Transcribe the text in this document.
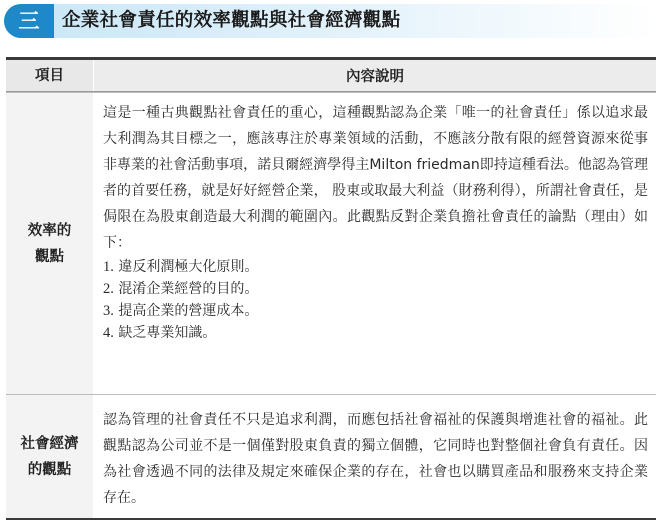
三	企業社會責任的效率觀點與社會經濟觀點
項目	內容說明
效率的
觀點

這是一種古典觀點社會責任的重心，這種觀點認為企業「唯一的社會責任」係以追求最大利潤為其目標之一，應該專注於專業領域的活動，不應該分散有限的經營資源來從事非專業的社會活動事項，諾貝爾經濟學得主Milton friedman即持這種看法。他認為管理者的首要任務，就是好好經營企業， 股東或取最大利益（財務利得），所謂社會責任，是侷限在為股東創造最大利潤的範圍內。此觀點反對企業負擔社會責任的論點（理由）如下：

1. 違反利潤極大化原則。
2. 混淆企業經營的目的。
3. 提高企業的營運成本。
4. 缺乏專業知識。
社會經濟
的觀點

認為管理的社會責任不只是追求利潤，而應包括社會福祉的保護與增進社會的福祉。此觀點認為公司並不是一個僅對股東負責的獨立個體，它同時也對整個社會負有責任。因為社會透過不同的法律及規定來確保企業的存在，社會也以購買產品和服務來支持企業存在。
